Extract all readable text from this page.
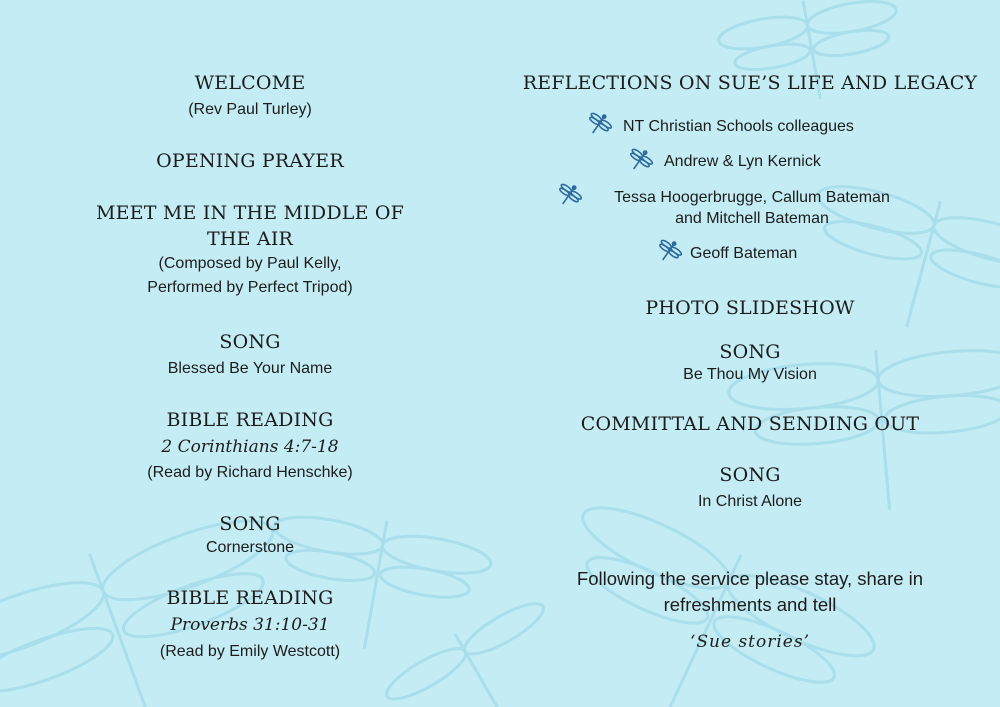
WELCOME
(Rev Paul Turley)
OPENING PRAYER
MEET ME IN THE MIDDLE OF
THE AIR
(Composed by Paul Kelly,
Performed by Perfect Tripod)
SONG
Blessed Be Your Name
BIBLE READING
2 Corinthians 4:7-18
(Read by Richard Henschke)
SONG
Cornerstone
BIBLE READING
Proverbs 31:10-31
(Read by Emily Westcott)
REFLECTIONS ON SUE’S LIFE AND LEGACY
NT Christian Schools colleagues
Andrew & Lyn Kernick
Tessa Hoogerbrugge, Callum Bateman
and Mitchell Bateman
Geoff Bateman
PHOTO SLIDESHOW
SONG
Be Thou My Vision
COMMITTAL AND SENDING OUT
SONG
In Christ Alone
Following the service please stay, share in
refreshments and tell
‘Sue stories’
